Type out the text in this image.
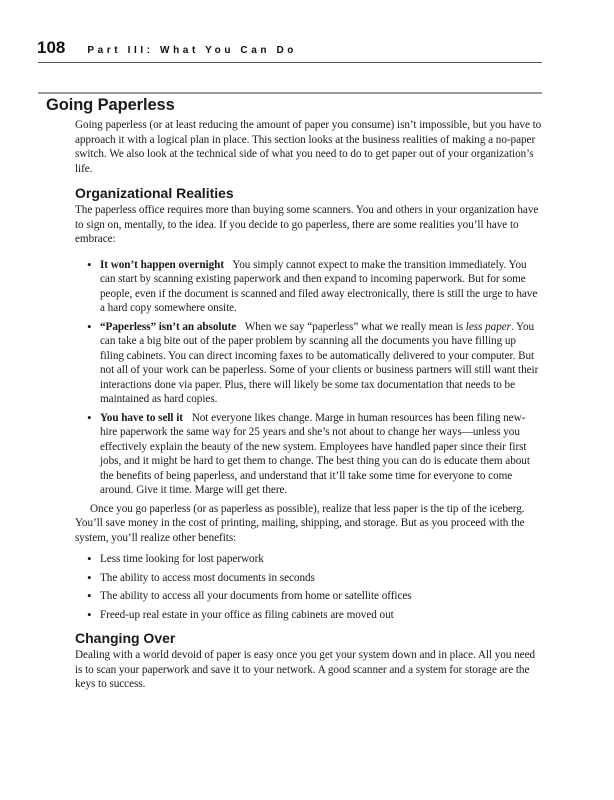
108 Part III: What You Can Do
Going Paperless

Going paperless (or at least reducing the amount of paper you consume) isn’t impossible, but you have to approach it with a logical plan in place. This section looks at the business realities of making a no-paper switch. We also look at the technical side of what you need to do to get paper out of your organization’s life.

Organizational Realities

The paperless office requires more than buying some scanners. You and others in your organization have to sign on, mentally, to the idea. If you decide to go paperless, there are some realities you’ll have to embrace:

• It won’t happen overnight You simply cannot expect to make the transition immediately. You can start by scanning existing paperwork and then expand to incoming paperwork. But for some people, even if the document is scanned and filed away electronically, there is still the urge to have a hard copy somewhere onsite.
• “Paperless” isn’t an absolute When we say “paperless” what we really mean is less paper. You can take a big bite out of the paper problem by scanning all the documents you have filling up filing cabinets. You can direct incoming faxes to be automatically delivered to your computer. But not all of your work can be paperless. Some of your clients or business partners will still want their interactions done via paper. Plus, there will likely be some tax documentation that needs to be maintained as hard copies.
• You have to sell it Not everyone likes change. Marge in human resources has been filing new-hire paperwork the same way for 25 years and she’s not about to change her ways—unless you effectively explain the beauty of the new system. Employees have handled paper since their first jobs, and it might be hard to get them to change. The best thing you can do is educate them about the benefits of being paperless, and understand that it’ll take some time for everyone to come around. Give it time. Marge will get there.

Once you go paperless (or as paperless as possible), realize that less paper is the tip of the iceberg. You’ll save money in the cost of printing, mailing, shipping, and storage. But as you proceed with the system, you’ll realize other benefits:

• Less time looking for lost paperwork
• The ability to access most documents in seconds
• The ability to access all your documents from home or satellite offices
• Freed-up real estate in your office as filing cabinets are moved out
Changing Over

Dealing with a world devoid of paper is easy once you get your system down and in place. All you need is to scan your paperwork and save it to your network. A good scanner and a system for storage are the keys to success.
